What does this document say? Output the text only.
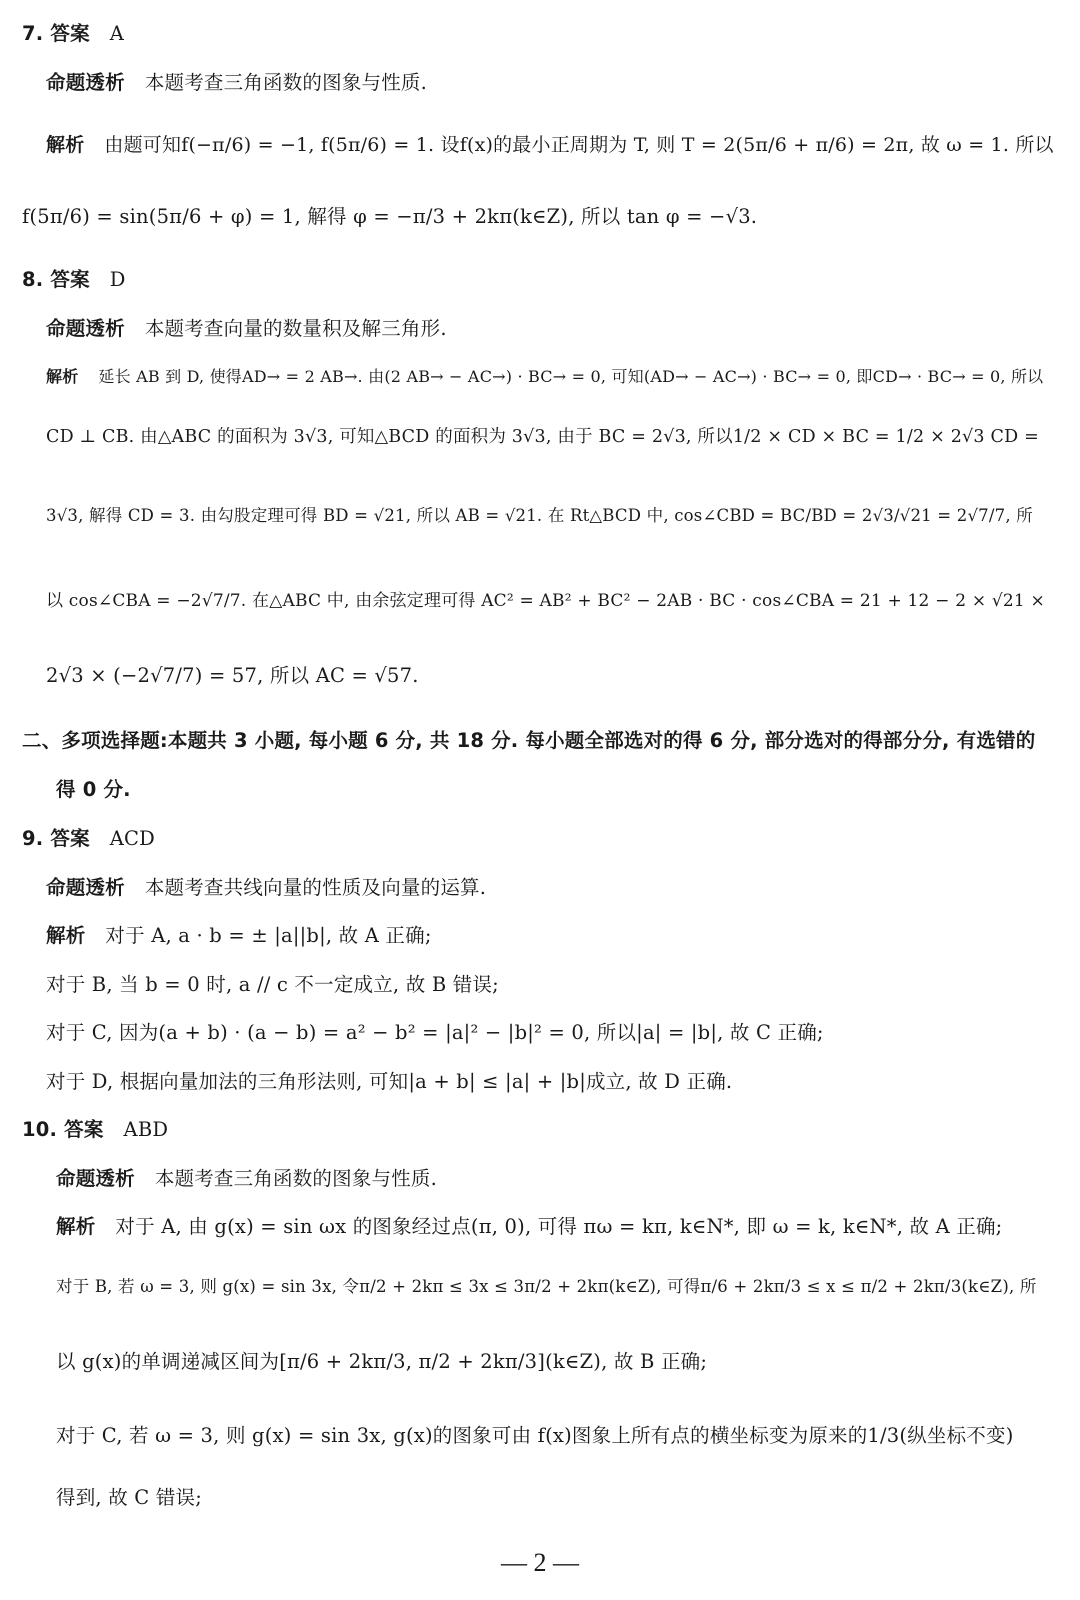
7. 答案 A
命题透析 本题考查三角函数的图象与性质.
解析 由题可知f(−π/6) = −1, f(5π/6) = 1. 设f(x)的最小正周期为 T, 则 T = 2(5π/6 + π/6) = 2π, 故 ω = 1. 所以
f(5π/6) = sin(5π/6 + φ) = 1, 解得 φ = −π/3 + 2kπ(k∈Z), 所以 tan φ = −√3.
8. 答案 D
命题透析 本题考查向量的数量积及解三角形.
解析 延长 AB 到 D, 使得AD→ = 2 AB→. 由(2 AB→ − AC→) · BC→ = 0, 可知(AD→ − AC→) · BC→ = 0, 即CD→ · BC→ = 0, 所以
CD ⊥ CB. 由△ABC 的面积为 3√3, 可知△BCD 的面积为 3√3, 由于 BC = 2√3, 所以1/2 × CD × BC = 1/2 × 2√3 CD =
3√3, 解得 CD = 3. 由勾股定理可得 BD = √21, 所以 AB = √21. 在 Rt△BCD 中, cos∠CBD = BC/BD = 2√3/√21 = 2√7/7, 所
以 cos∠CBA = −2√7/7. 在△ABC 中, 由余弦定理可得 AC² = AB² + BC² − 2AB · BC · cos∠CBA = 21 + 12 − 2 × √21 ×
2√3 × (−2√7/7) = 57, 所以 AC = √57.
二、多项选择题:本题共 3 小题, 每小题 6 分, 共 18 分. 每小题全部选对的得 6 分, 部分选对的得部分分, 有选错的
得 0 分.
9. 答案 ACD
命题透析 本题考查共线向量的性质及向量的运算.
解析 对于 A, a · b = ± |a||b|, 故 A 正确;
对于 B, 当 b = 0 时, a // c 不一定成立, 故 B 错误;
对于 C, 因为(a + b) · (a − b) = a² − b² = |a|² − |b|² = 0, 所以|a| = |b|, 故 C 正确;
对于 D, 根据向量加法的三角形法则, 可知|a + b| ≤ |a| + |b|成立, 故 D 正确.
10. 答案 ABD
命题透析 本题考查三角函数的图象与性质.
解析 对于 A, 由 g(x) = sin ωx 的图象经过点(π, 0), 可得 πω = kπ, k∈N*, 即 ω = k, k∈N*, 故 A 正确;
对于 B, 若 ω = 3, 则 g(x) = sin 3x, 令π/2 + 2kπ ≤ 3x ≤ 3π/2 + 2kπ(k∈Z), 可得π/6 + 2kπ/3 ≤ x ≤ π/2 + 2kπ/3(k∈Z), 所
以 g(x)的单调递减区间为[π/6 + 2kπ/3, π/2 + 2kπ/3](k∈Z), 故 B 正确;
对于 C, 若 ω = 3, 则 g(x) = sin 3x, g(x)的图象可由 f(x)图象上所有点的横坐标变为原来的1/3(纵坐标不变)
得到, 故 C 错误;
— 2 —
